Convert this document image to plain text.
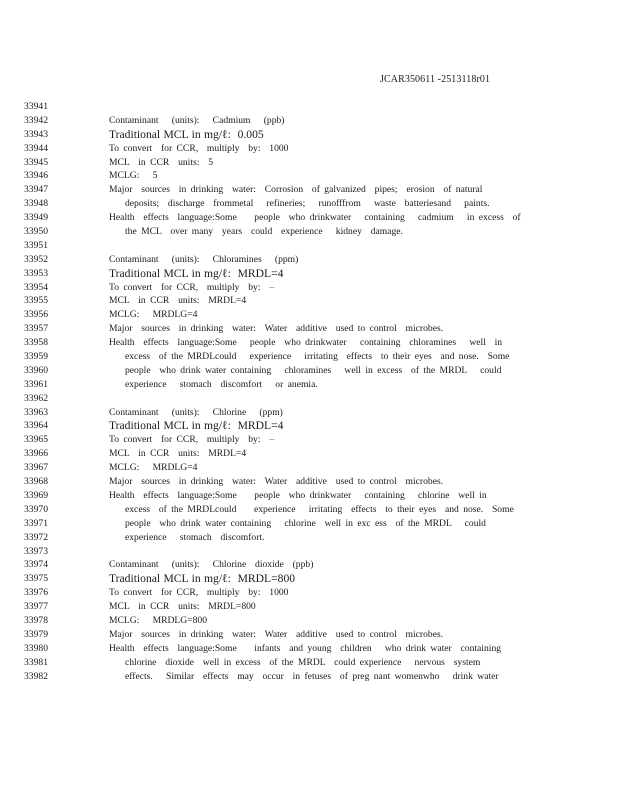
JCAR350611 -2513118r01
33941
33942	Contaminant   (units):   Cadmium   (ppb)
33943	Traditional MCL in mg/ℓ:  0.005
33944	To convert  for CCR,  multiply  by:  1000
33945	MCL  in CCR  units:  5
33946	MCLG:   5
33947	Major  sources  in drinking  water:  Corrosion  of galvanized  pipes;  erosion  of natural
33948	deposits;  discharge  frommetal   refineries;   runofffrom   waste  batteriesand   paints.
33949	Health  effects  language:Some    people  who drinkwater   containing   cadmium   in excess  of
33950	the MCL  over many  years  could  experience   kidney  damage.
33951
33952	Contaminant   (units):   Chloramines   (ppm)
33953	Traditional MCL in mg/ℓ:  MRDL=4
33954	To convert  for CCR,  multiply  by:  –
33955	MCL  in CCR  units:  MRDL=4
33956	MCLG:   MRDLG=4
33957	Major  sources  in drinking  water:  Water  additive  used to control  microbes.
33958	Health  effects  language:Some   people  who drinkwater   containing  chloramines   well  in
33959	excess  of the MRDLcould   experience   irritating  effects  to their eyes  and nose.  Some
33960	people  who drink water containing   chloramines   well in excess  of the MRDL   could
33961	experience   stomach  discomfort   or anemia.
33962
33963	Contaminant   (units):   Chlorine   (ppm)
33964	Traditional MCL in mg/ℓ:  MRDL=4
33965	To convert  for CCR,  multiply  by:  –
33966	MCL  in CCR  units:  MRDL=4
33967	MCLG:   MRDLG=4
33968	Major  sources  in drinking  water:  Water  additive  used to control  microbes.
33969	Health  effects  language:Some    people  who drinkwater   containing   chlorine  well in
33970	excess  of the MRDLcould    experience   irritating  effects  to their eyes  and nose.  Some
33971	people  who drink water containing   chlorine  well in exc ess  of the MRDL   could
33972	experience   stomach  discomfort.
33973
33974	Contaminant   (units):   Chlorine  dioxide  (ppb)
33975	Traditional MCL in mg/ℓ:  MRDL=800
33976	To convert  for CCR,  multiply  by:  1000
33977	MCL  in CCR  units:  MRDL=800
33978	MCLG:   MRDLG=800
33979	Major  sources  in drinking  water:  Water  additive  used to control  microbes.
33980	Health  effects  language:Some    infants  and young  children   who drink water  containing
33981	chlorine  dioxide  well in excess  of the MRDL  could experience   nervous  system
33982	effects.   Similar  effects  may  occur  in fetuses  of preg nant womenwho   drink water
